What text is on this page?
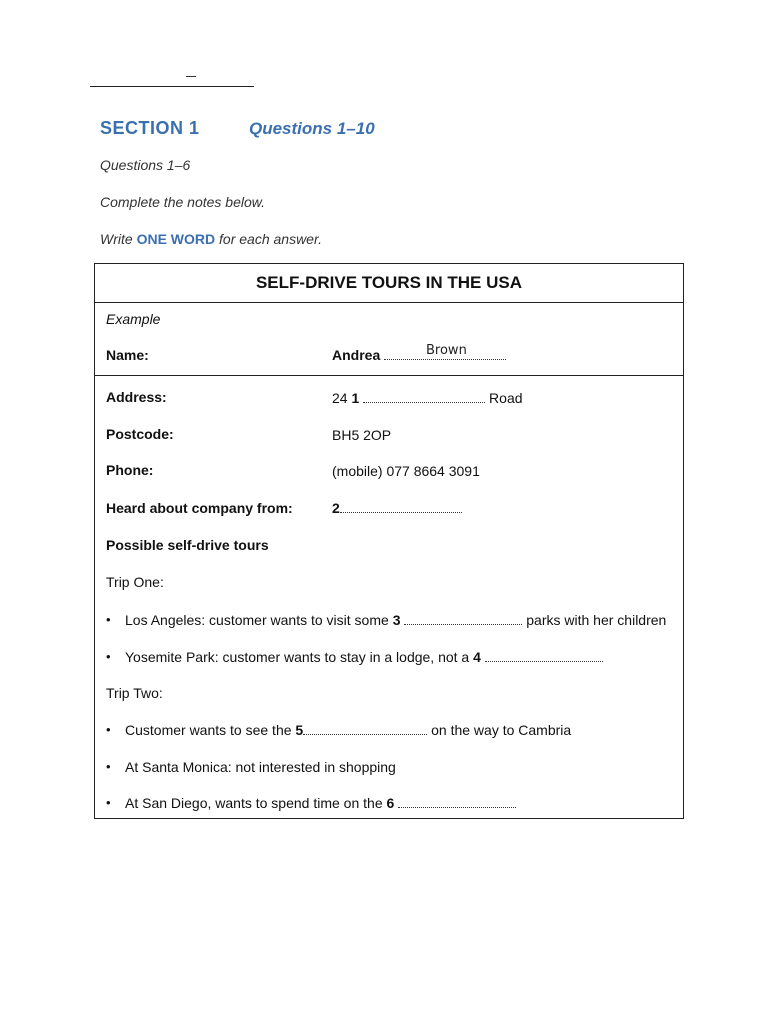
SECTION 1	Questions 1–10
Questions 1–6
Complete the notes below.
Write ONE WORD for each answer.
SELF-DRIVE TOURS IN THE USA
Example
Name:	Andrea	Brown
Address:	24 1	Road
Postcode:	BH5 2OP
Phone:	(mobile) 077 8664 3091
Heard about company from:	2
Possible self-drive tours
Trip One:
• Los Angeles: customer wants to visit some 3	parks with her children
• Yosemite Park: customer wants to stay in a lodge, not a 4
Trip Two:
• Customer wants to see the 5	on the way to Cambria
• At Santa Monica: not interested in shopping
• At San Diego, wants to spend time on the 6
